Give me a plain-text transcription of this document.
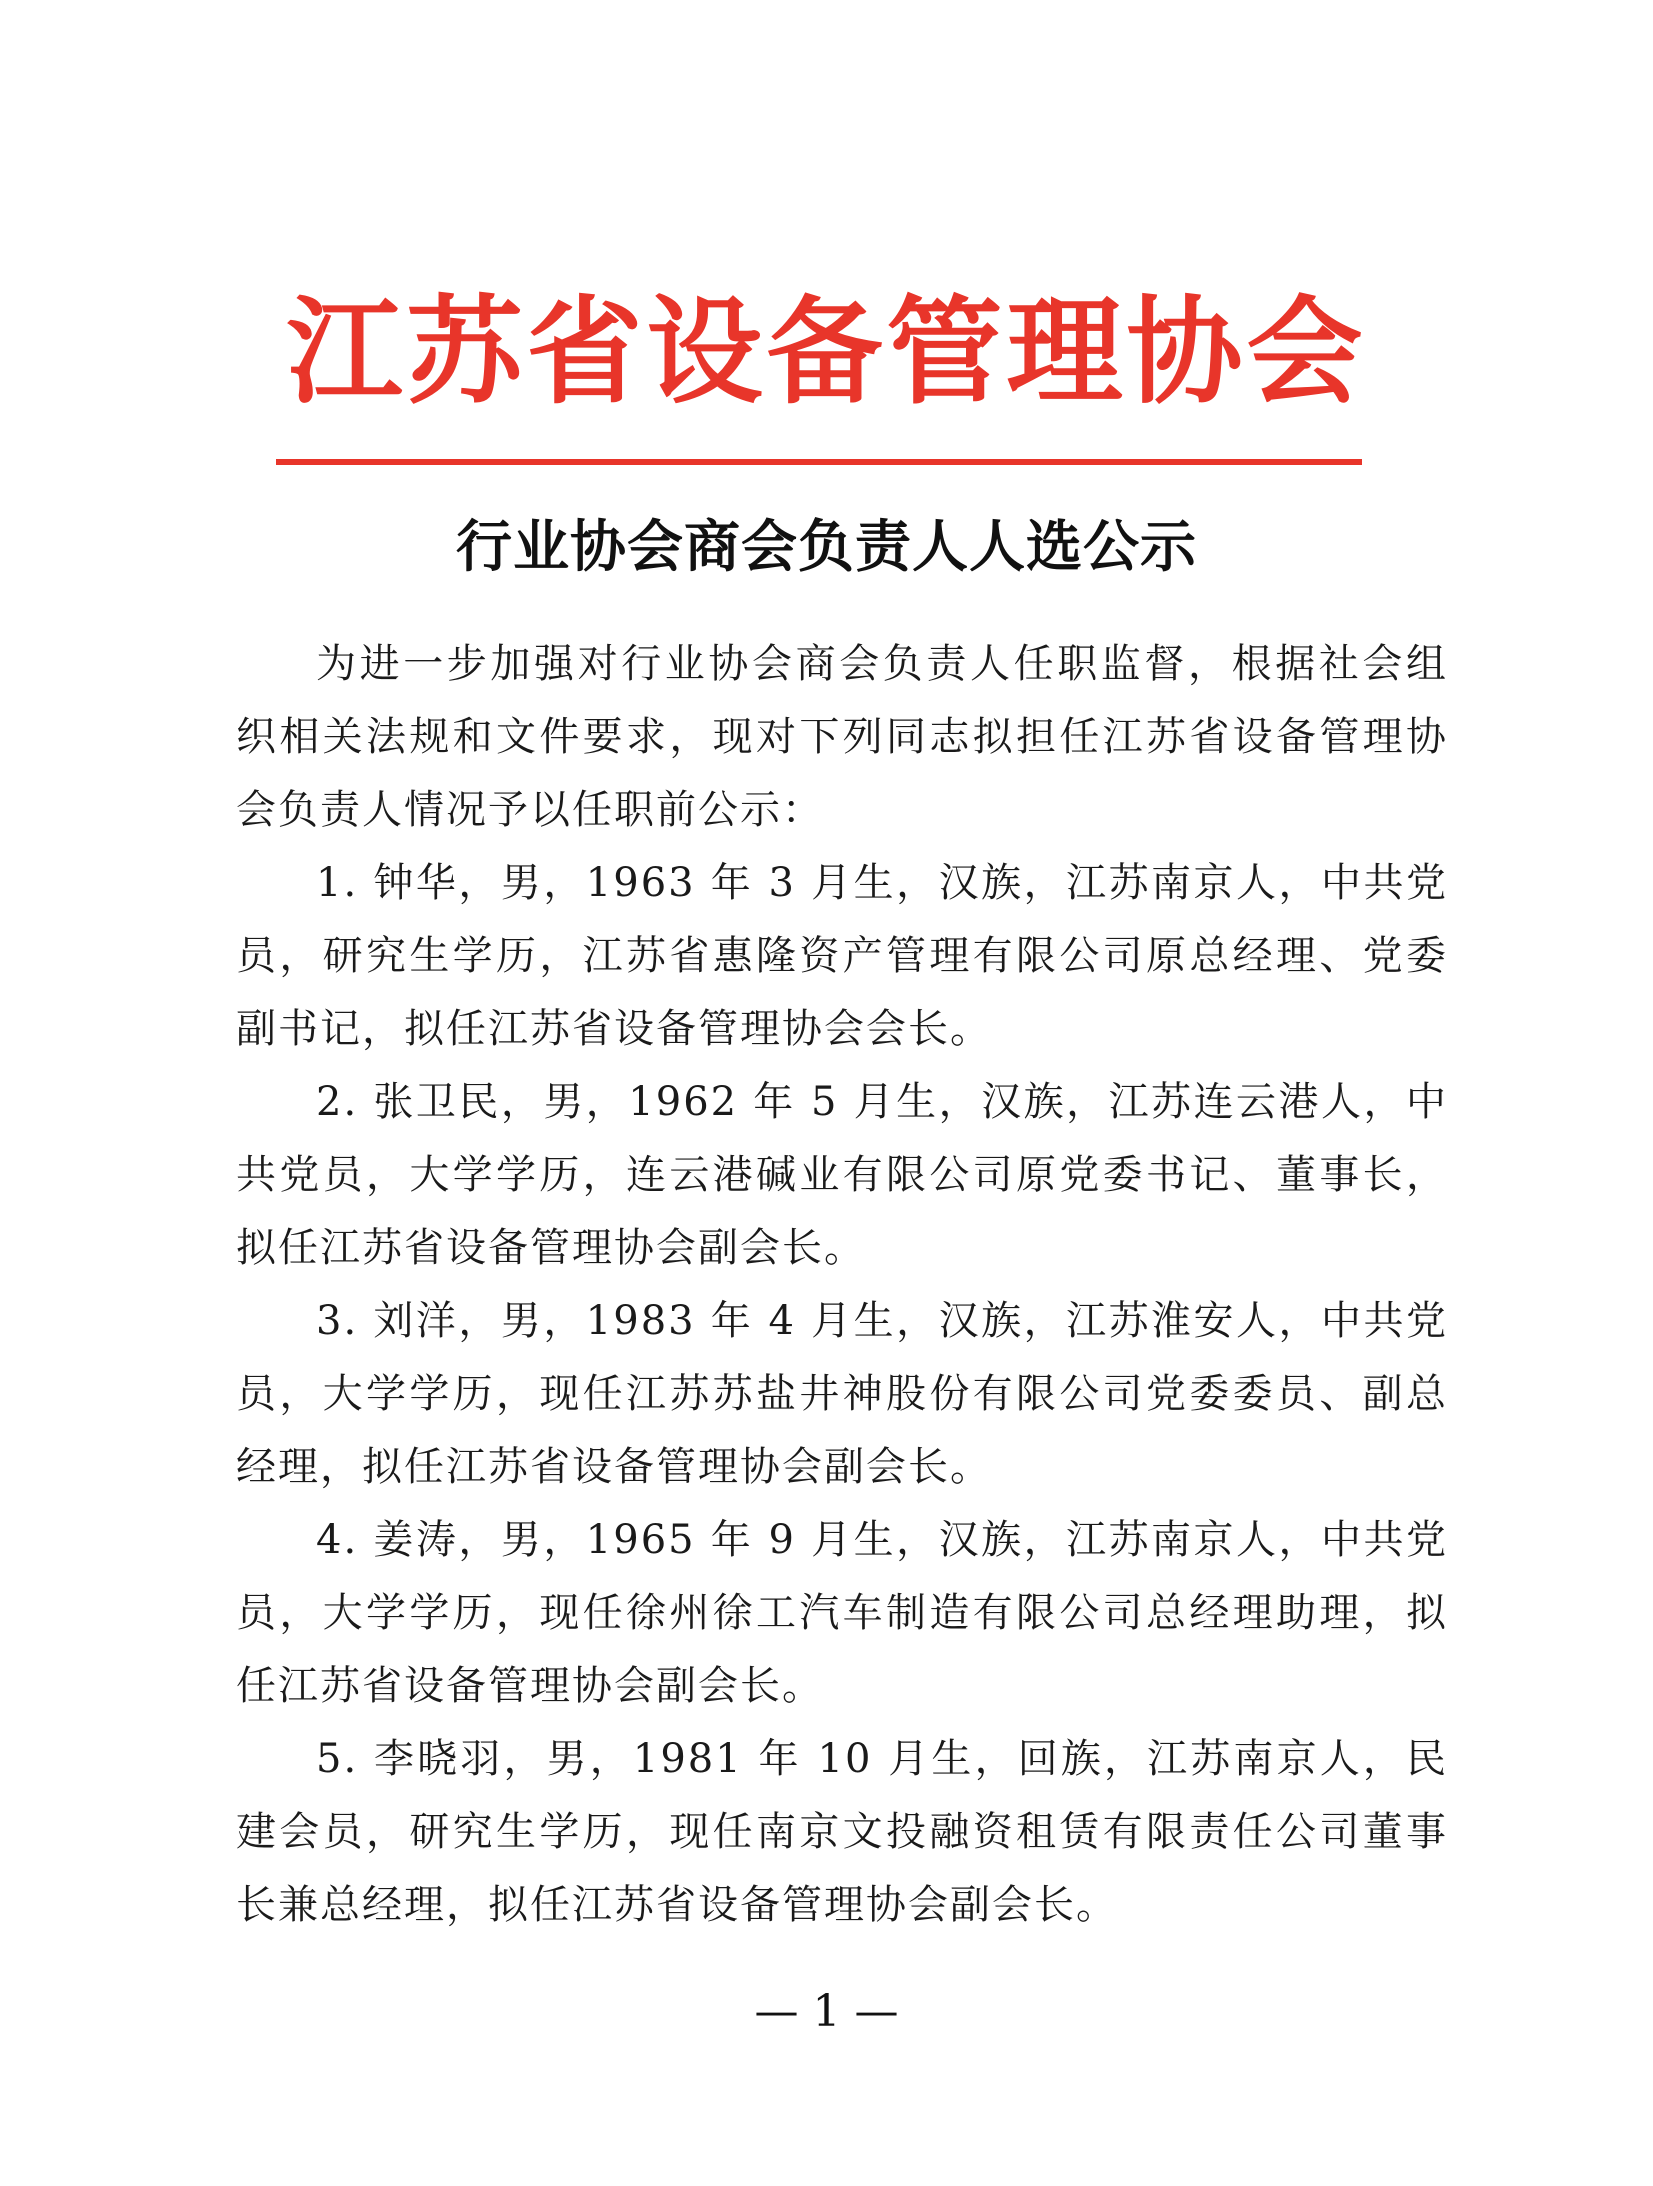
江苏省设备管理协会
行业协会商会负责人人选公示

为进一步加强对行业协会商会负责人任职监督，根据社会组织相关法规和文件要求，现对下列同志拟担任江苏省设备管理协会负责人情况予以任职前公示：

1. 钟华，男，1963 年 3 月生，汉族，江苏南京人，中共党员，研究生学历，江苏省惠隆资产管理有限公司原总经理、党委副书记，拟任江苏省设备管理协会会长。

2. 张卫民，男，1962 年 5 月生，汉族，江苏连云港人，中共党员，大学学历，连云港碱业有限公司原党委书记、董事长，拟任江苏省设备管理协会副会长。

3. 刘洋，男，1983 年 4 月生，汉族，江苏淮安人，中共党员，大学学历，现任江苏苏盐井神股份有限公司党委委员、副总经理，拟任江苏省设备管理协会副会长。

4. 姜涛，男，1965 年 9 月生，汉族，江苏南京人，中共党员，大学学历，现任徐州徐工汽车制造有限公司总经理助理，拟任江苏省设备管理协会副会长。

5. 李晓羽，男，1981 年 10 月生，回族，江苏南京人，民建会员，研究生学历，现任南京文投融资租赁有限责任公司董事长兼总经理，拟任江苏省设备管理协会副会长。

— 1 —
